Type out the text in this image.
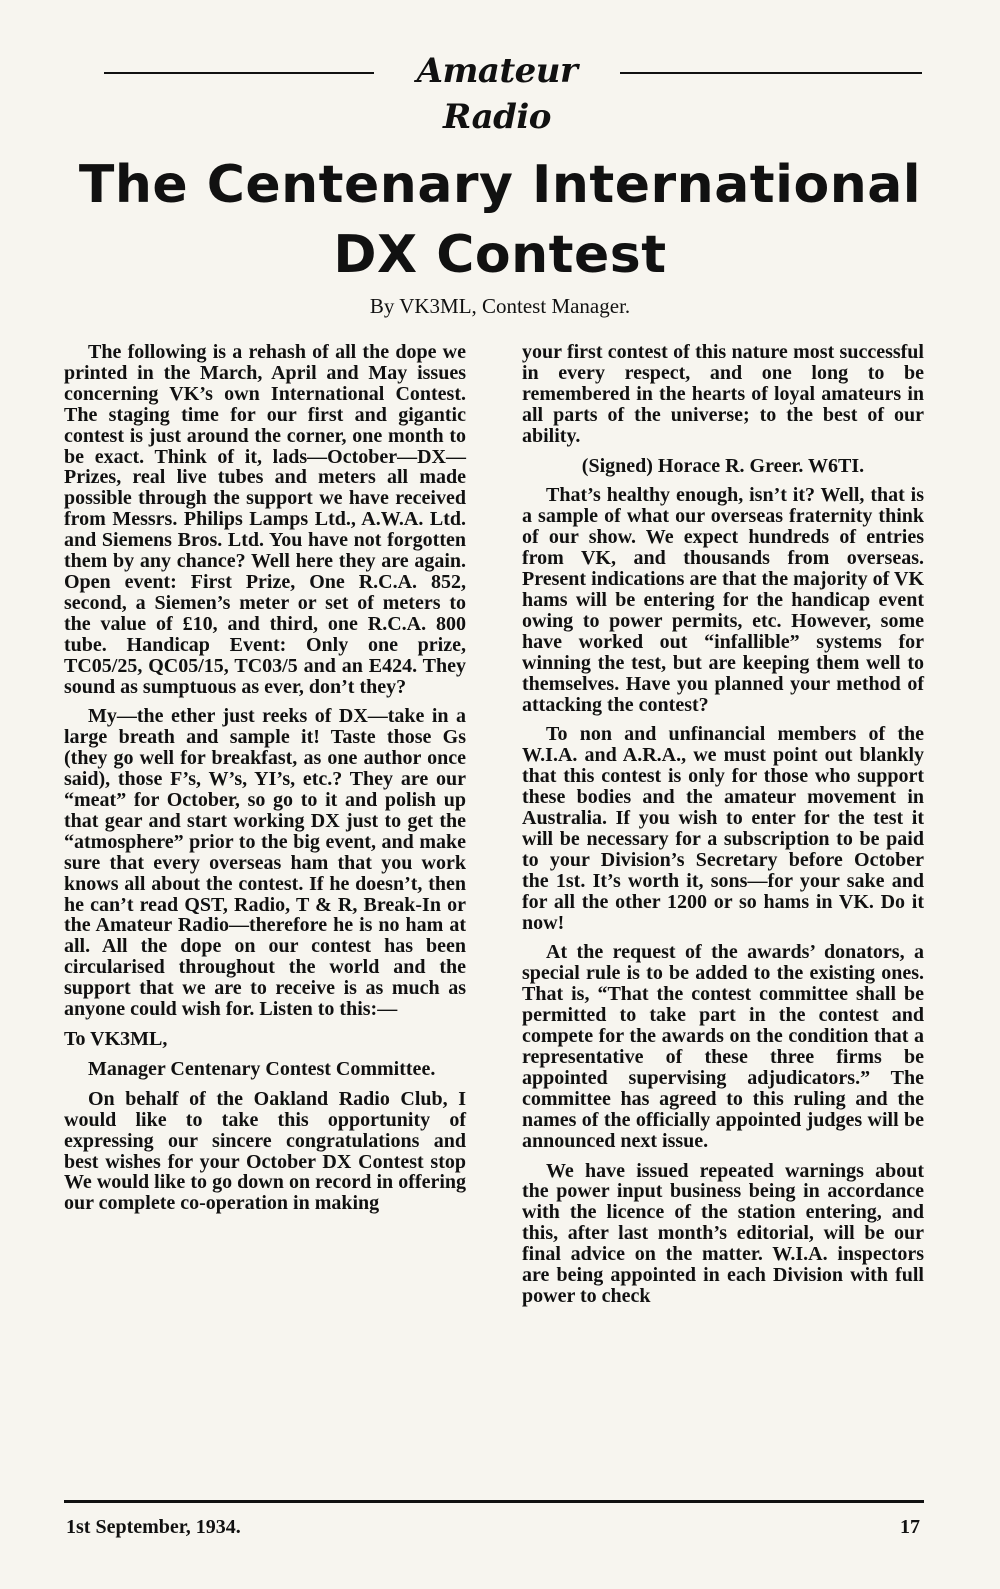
Amateur Radio
The Centenary International DX Contest
By VK3ML, Contest Manager.

The following is a rehash of all the dope we printed in the March, April and May issues concerning VK’s own International Contest. The staging time for our first and gigantic contest is just around the corner, one month to be exact. Think of it, lads—October—DX—Prizes, real live tubes and meters all made possible through the support we have received from Messrs. Philips Lamps Ltd., A.W.A. Ltd. and Siemens Bros. Ltd. You have not forgotten them by any chance? Well here they are again. Open event: First Prize, One R.C.A. 852, second, a Siemen’s meter or set of meters to the value of £10, and third, one R.C.A. 800 tube. Handicap Event: Only one prize, TC05/25, QC05/15, TC03/5 and an E424. They sound as sumptuous as ever, don’t they?

My—the ether just reeks of DX—take in a large breath and sample it! Taste those Gs (they go well for breakfast, as one author once said), those F’s, W’s, YI’s, etc.? They are our “meat” for October, so go to it and polish up that gear and start working DX just to get the “atmosphere” prior to the big event, and make sure that every overseas ham that you work knows all about the contest. If he doesn’t, then he can’t read QST, Radio, T & R, Break-In or the Amateur Radio—therefore he is no ham at all. All the dope on our contest has been circularised throughout the world and the support that we are to receive is as much as anyone could wish for. Listen to this:—

To VK3ML,

Manager Centenary Contest Committee.

On behalf of the Oakland Radio Club, I would like to take this opportunity of expressing our sincere congratulations and best wishes for your October DX Contest stop We would like to go down on record in offering our complete co-operation in making

your first contest of this nature most successful in every respect, and one long to be remembered in the hearts of loyal amateurs in all parts of the universe; to the best of our ability.

(Signed) Horace R. Greer. W6TI.

That’s healthy enough, isn’t it? Well, that is a sample of what our overseas fraternity think of our show. We expect hundreds of entries from VK, and thousands from overseas. Present indications are that the majority of VK hams will be entering for the handicap event owing to power permits, etc. However, some have worked out “infallible” systems for winning the test, but are keeping them well to themselves. Have you planned your method of attacking the contest?

To non and unfinancial members of the W.I.A. and A.R.A., we must point out blankly that this contest is only for those who support these bodies and the amateur movement in Australia. If you wish to enter for the test it will be necessary for a subscription to be paid to your Division’s Secretary before October the 1st. It’s worth it, sons—for your sake and for all the other 1200 or so hams in VK. Do it now!

At the request of the awards’ donators, a special rule is to be added to the existing ones. That is, “That the contest committee shall be permitted to take part in the contest and compete for the awards on the condition that a representative of these three firms be appointed supervising adjudicators.” The committee has agreed to this ruling and the names of the officially appointed judges will be announced next issue.

We have issued repeated warnings about the power input business being in accordance with the licence of the station entering, and this, after last month’s editorial, will be our final advice on the matter. W.I.A. inspectors are being appointed in each Division with full power to check

1st September, 1934.	17
